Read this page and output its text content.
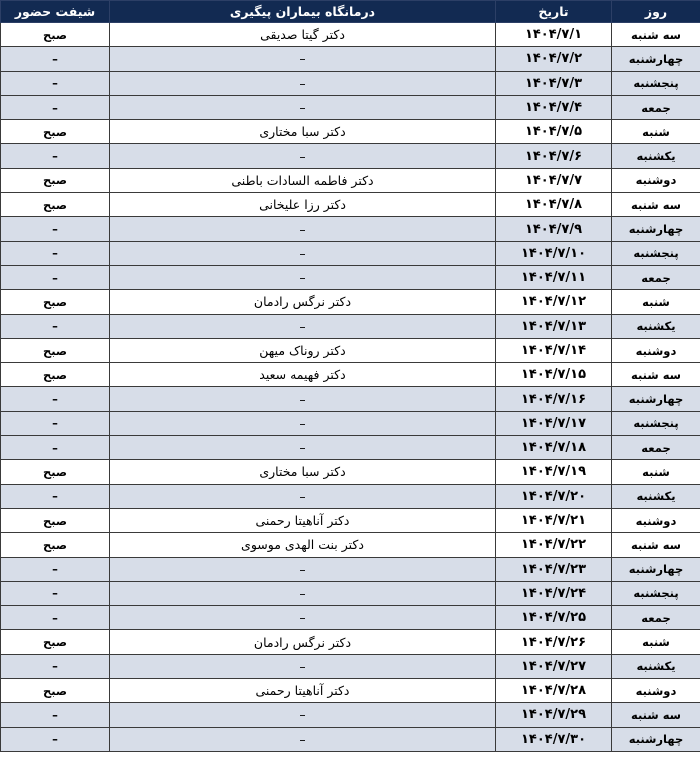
روز	تاریخ	درمانگاه بیماران پیگیری	شیفت حضور
سه شنبه	۱۴۰۴/۷/۱	دکتر گیتا صدیقی	صبح
چهارشنبه	۱۴۰۴/۷/۲	–	–
پنجشنبه	۱۴۰۴/۷/۳	–	–
جمعه	۱۴۰۴/۷/۴	–	–
شنبه	۱۴۰۴/۷/۵	دکتر سبا مختاری	صبح
یکشنبه	۱۴۰۴/۷/۶	–	–
دوشنبه	۱۴۰۴/۷/۷	دکتر فاطمه السادات باطنی	صبح
سه شنبه	۱۴۰۴/۷/۸	دکتر رزا علیخانی	صبح
چهارشنبه	۱۴۰۴/۷/۹	–	–
پنجشنبه	۱۴۰۴/۷/۱۰	–	–
جمعه	۱۴۰۴/۷/۱۱	–	–
شنبه	۱۴۰۴/۷/۱۲	دکتر نرگس رادمان	صبح
یکشنبه	۱۴۰۴/۷/۱۳	–	–
دوشنبه	۱۴۰۴/۷/۱۴	دکتر روناک میهن	صبح
سه شنبه	۱۴۰۴/۷/۱۵	دکتر فهیمه سعید	صبح
چهارشنبه	۱۴۰۴/۷/۱۶	–	–
پنجشنبه	۱۴۰۴/۷/۱۷	–	–
جمعه	۱۴۰۴/۷/۱۸	–	–
شنبه	۱۴۰۴/۷/۱۹	دکتر سبا مختاری	صبح
یکشنبه	۱۴۰۴/۷/۲۰	–	–
دوشنبه	۱۴۰۴/۷/۲۱	دکتر آناهیتا رحمنی	صبح
سه شنبه	۱۴۰۴/۷/۲۲	دکتر بنت الهدی موسوی	صبح
چهارشنبه	۱۴۰۴/۷/۲۳	–	–
پنجشنبه	۱۴۰۴/۷/۲۴	–	–
جمعه	۱۴۰۴/۷/۲۵	–	–
شنبه	۱۴۰۴/۷/۲۶	دکتر نرگس رادمان	صبح
یکشنبه	۱۴۰۴/۷/۲۷	–	–
دوشنبه	۱۴۰۴/۷/۲۸	دکتر آناهیتا رحمنی	صبح
سه شنبه	۱۴۰۴/۷/۲۹	–	–
چهارشنبه	۱۴۰۴/۷/۳۰	–	–
